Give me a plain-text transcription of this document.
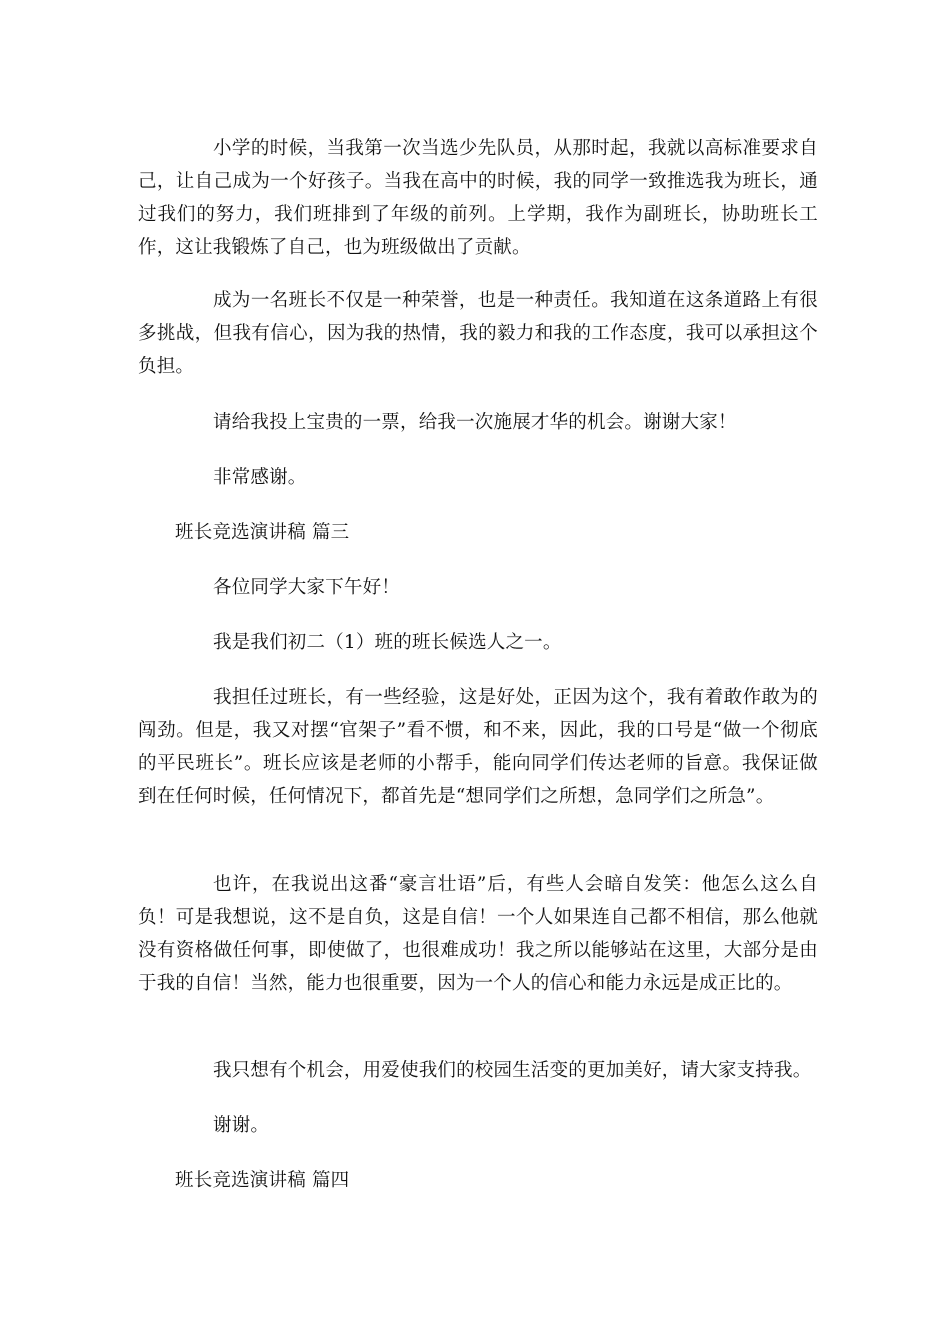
小学的时候，当我第一次当选少先队员，从那时起，我就以高标准要求自己，让自己成为一个好孩子。当我在高中的时候，我的同学一致推选我为班长，通过我们的努力，我们班排到了年级的前列。上学期，我作为副班长，协助班长工作，这让我锻炼了自己，也为班级做出了贡献。

成为一名班长不仅是一种荣誉，也是一种责任。我知道在这条道路上有很多挑战，但我有信心，因为我的热情，我的毅力和我的工作态度，我可以承担这个负担。

请给我投上宝贵的一票，给我一次施展才华的机会。谢谢大家！

非常感谢。

班长竞选演讲稿 篇三

各位同学大家下午好！

我是我们初二（1）班的班长候选人之一。

我担任过班长，有一些经验，这是好处，正因为这个，我有着敢作敢为的闯劲。但是，我又对摆“官架子”看不惯，和不来，因此，我的口号是“做一个彻底的平民班长”。班长应该是老师的小帮手，能向同学们传达老师的旨意。我保证做到在任何时候，任何情况下，都首先是“想同学们之所想，急同学们之所急”。

也许，在我说出这番“豪言壮语”后，有些人会暗自发笑：他怎么这么自负！可是我想说，这不是自负，这是自信！一个人如果连自己都不相信，那么他就没有资格做任何事，即使做了，也很难成功！我之所以能够站在这里，大部分是由于我的自信！当然，能力也很重要，因为一个人的信心和能力永远是成正比的。

我只想有个机会，用爱使我们的校园生活变的更加美好，请大家支持我。

谢谢。

班长竞选演讲稿 篇四
